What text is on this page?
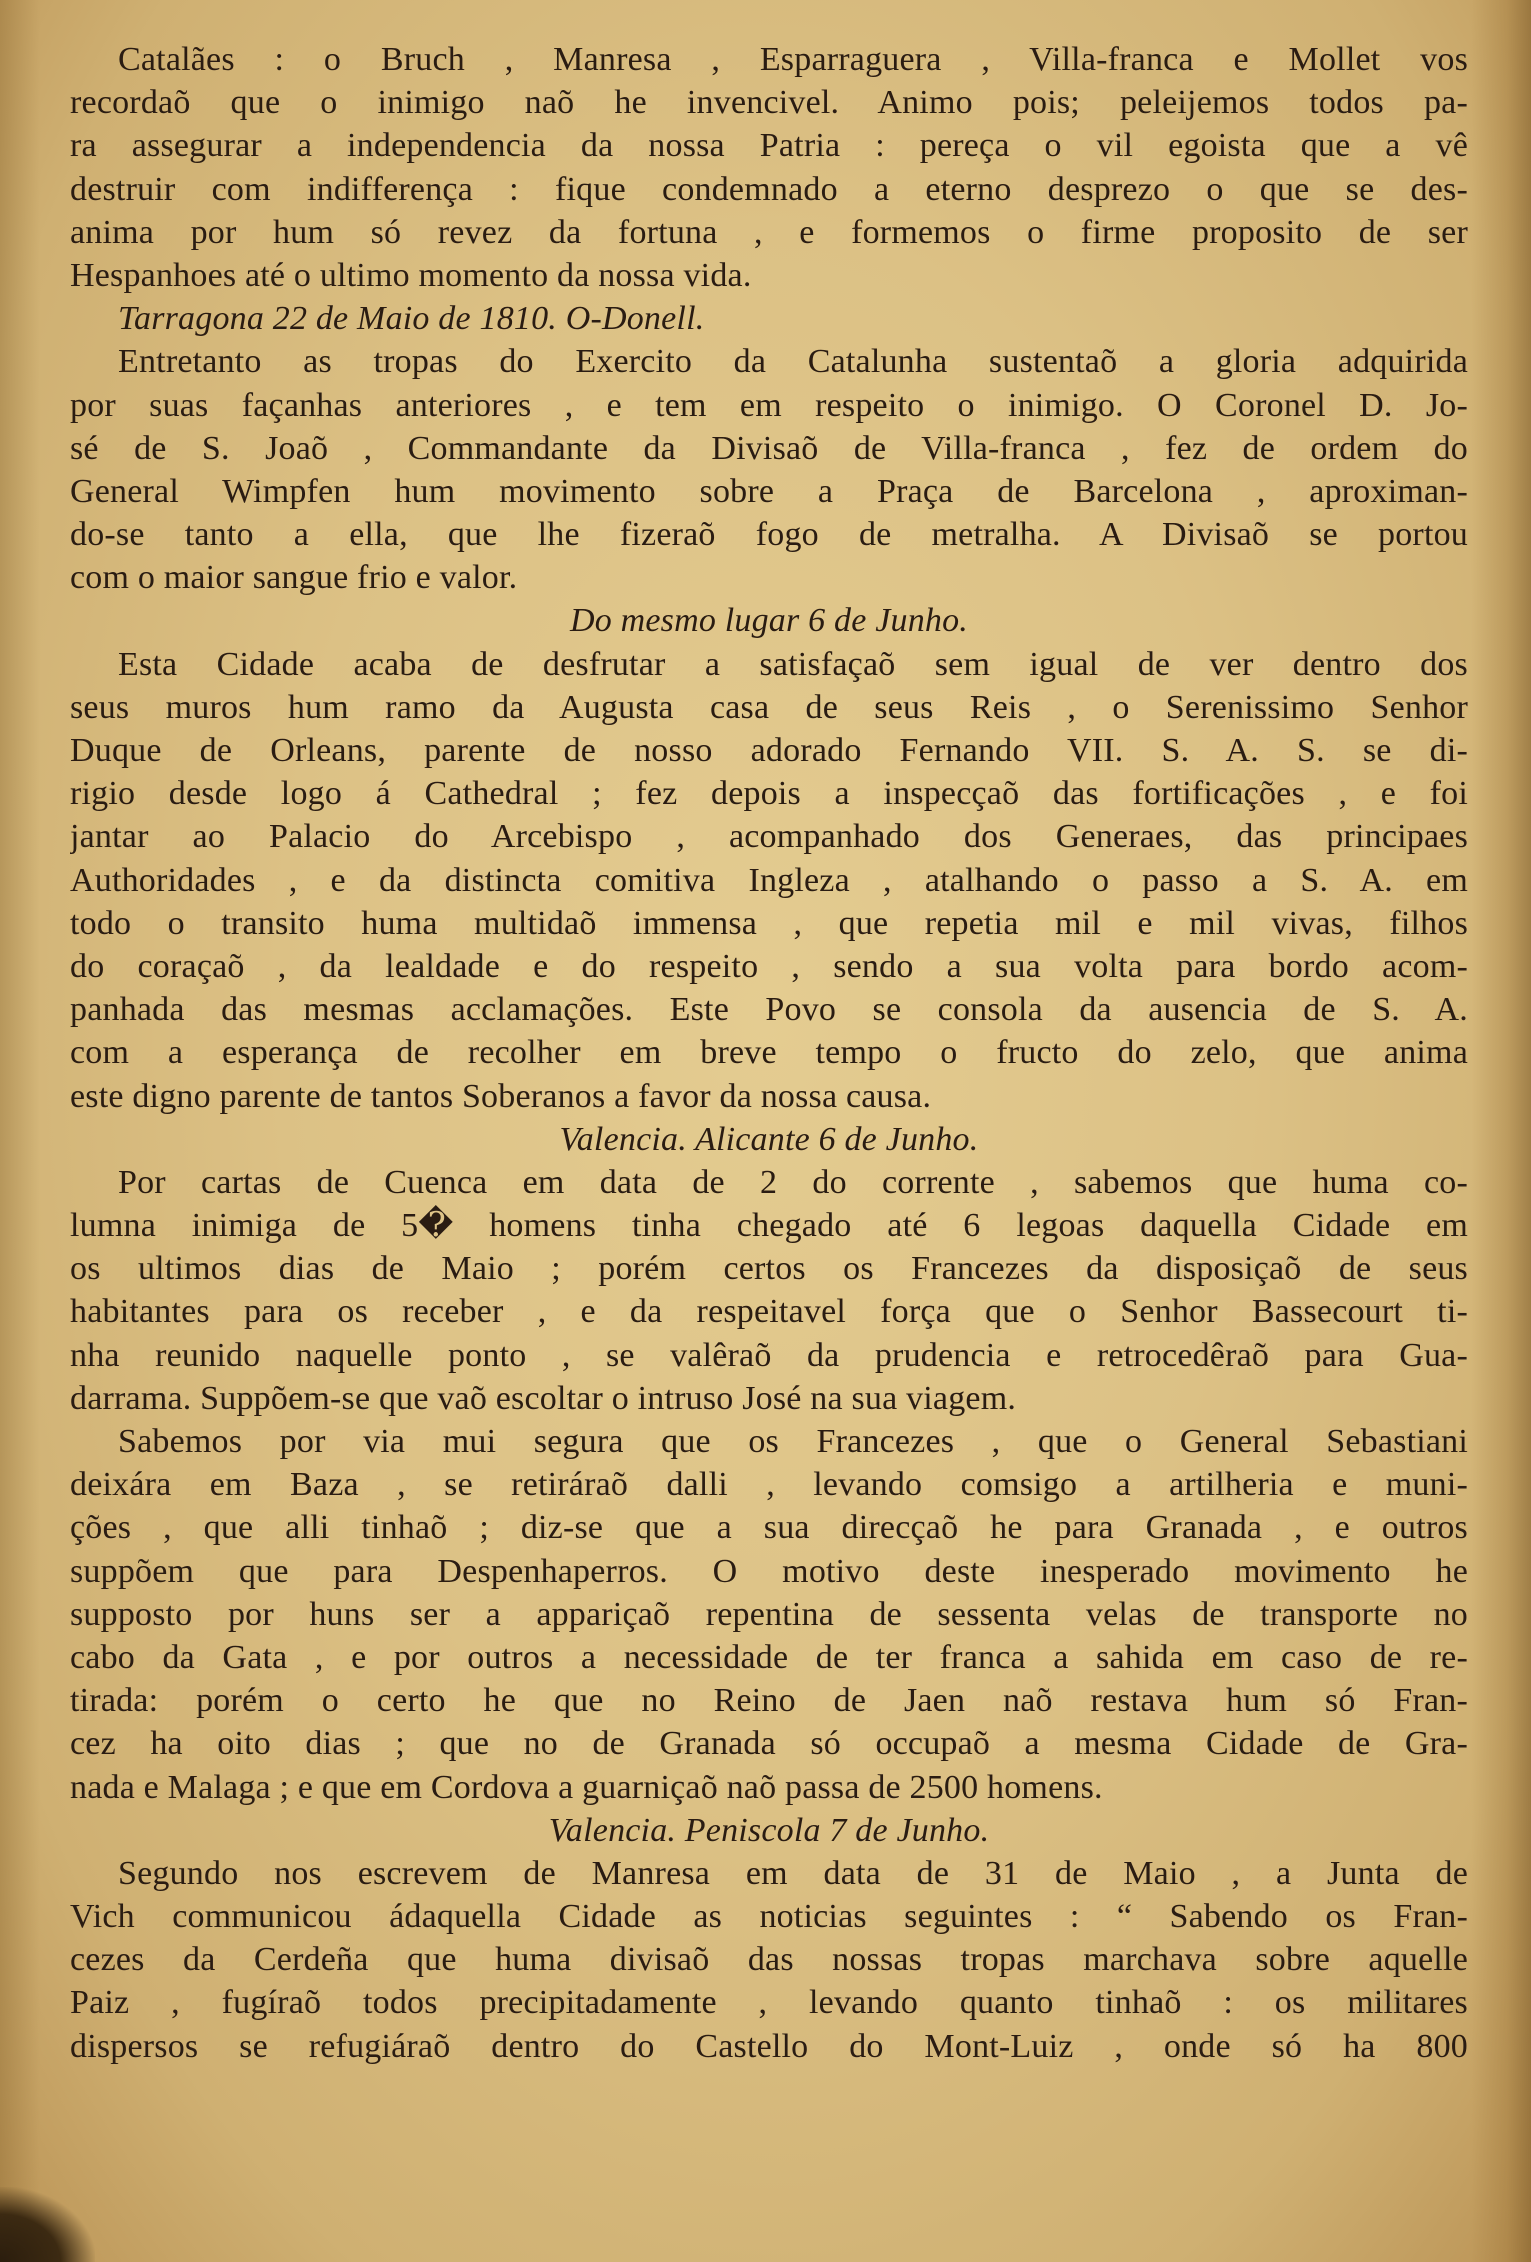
Catalães : o Bruch , Manresa , Esparraguera , Villa-franca e Mollet vos
recordaõ que o inimigo naõ he invencivel. Animo pois; peleijemos todos pa-
ra assegurar a independencia da nossa Patria : pereça o vil egoista que a vê
destruir com indifferença : fique condemnado a eterno desprezo o que se des-
anima por hum só revez da fortuna , e formemos o firme proposito de ser
Hespanhoes até o ultimo momento da nossa vida.
Tarragona 22 de Maio de 1810. O-Donell.
Entretanto as tropas do Exercito da Catalunha sustentaõ a gloria adquirida
por suas façanhas anteriores , e tem em respeito o inimigo. O Coronel D. Jo-
sé de S. Joaõ , Commandante da Divisaõ de Villa-franca , fez de ordem do
General Wimpfen hum movimento sobre a Praça de Barcelona , aproximan-
do-se tanto a ella, que lhe fizeraõ fogo de metralha. A Divisaõ se portou
com o maior sangue frio e valor.
Do mesmo lugar 6 de Junho.
Esta Cidade acaba de desfrutar a satisfaçaõ sem igual de ver dentro dos
seus muros hum ramo da Augusta casa de seus Reis , o Serenissimo Senhor
Duque de Orleans, parente de nosso adorado Fernando VII. S. A. S. se di-
rigio desde logo á Cathedral ; fez depois a inspecçaõ das fortificações , e foi
jantar ao Palacio do Arcebispo , acompanhado dos Generaes, das principaes
Authoridades , e da distincta comitiva Ingleza , atalhando o passo a S. A. em
todo o transito huma multidaõ immensa , que repetia mil e mil vivas, filhos
do coraçaõ , da lealdade e do respeito , sendo a sua volta para bordo acom-
panhada das mesmas acclamações. Este Povo se consola da ausencia de S. A.
com a esperança de recolher em breve tempo o fructo do zelo, que anima
este digno parente de tantos Soberanos a favor da nossa causa.
Valencia. Alicante 6 de Junho.
Por cartas de Cuenca em data de 2 do corrente , sabemos que huma co-
lumna inimiga de 5� homens tinha chegado até 6 legoas daquella Cidade em
os ultimos dias de Maio ; porém certos os Francezes da disposiçaõ de seus
habitantes para os receber , e da respeitavel força que o Senhor Bassecourt ti-
nha reunido naquelle ponto , se valêraõ da prudencia e retrocedêraõ para Gua-
darrama. Suppõem-se que vaõ escoltar o intruso José na sua viagem.
Sabemos por via mui segura que os Francezes , que o General Sebastiani
deixára em Baza , se retiráraõ dalli , levando comsigo a artilheria e muni-
ções , que alli tinhaõ ; diz-se que a sua direcçaõ he para Granada , e outros
suppõem que para Despenhaperros. O motivo deste inesperado movimento he
supposto por huns ser a appariçaõ repentina de sessenta velas de transporte no
cabo da Gata , e por outros a necessidade de ter franca a sahida em caso de re-
tirada: porém o certo he que no Reino de Jaen naõ restava hum só Fran-
cez ha oito dias ; que no de Granada só occupaõ a mesma Cidade de Gra-
nada e Malaga ; e que em Cordova a guarniçaõ naõ passa de 2500 homens.
Valencia. Peniscola 7 de Junho.
Segundo nos escrevem de Manresa em data de 31 de Maio , a Junta de
Vich communicou ádaquella Cidade as noticias seguintes : “ Sabendo os Fran-
cezes da Cerdeña que huma divisaõ das nossas tropas marchava sobre aquelle
Paiz , fugíraõ todos precipitadamente , levando quanto tinhaõ : os militares
dispersos se refugiáraõ dentro do Castello do Mont-Luiz , onde só ha 800
